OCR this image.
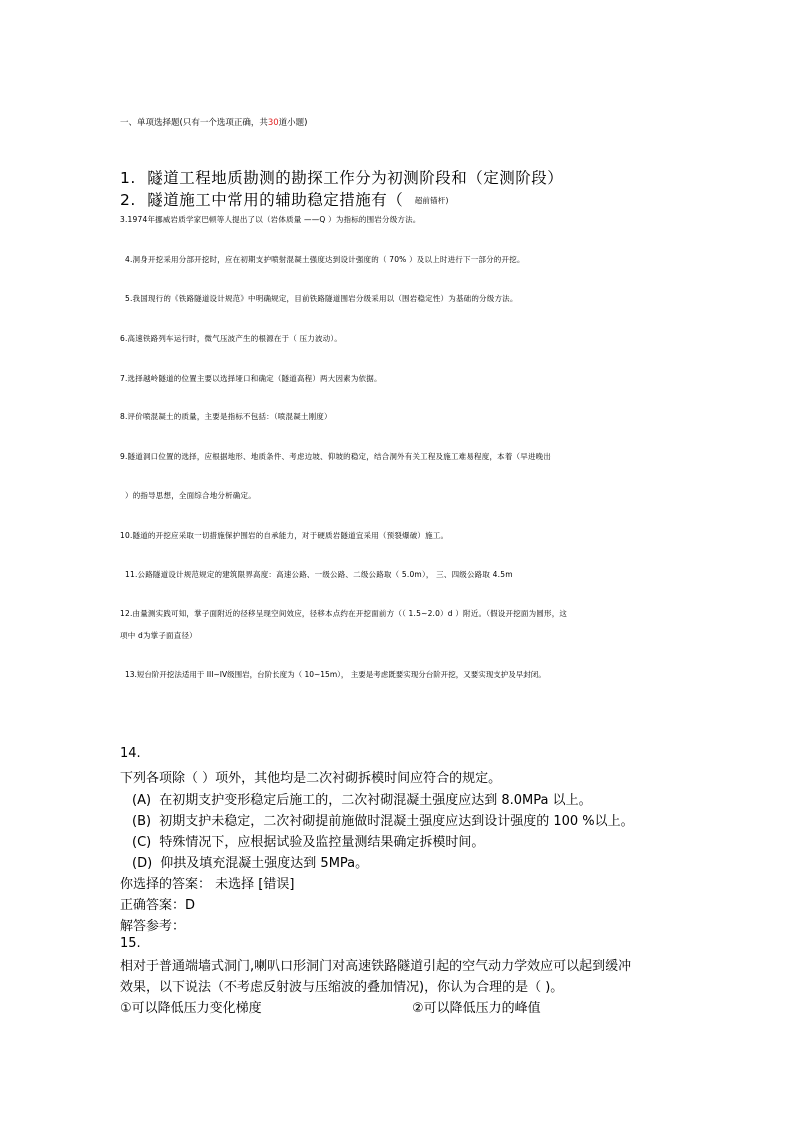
一、单项选择题(只有一个选项正确，共30道小题)
1. 隧道工程地质勘测的勘探工作分为初测阶段和（定测阶段）
2. 隧道施工中常用的辅助稳定措施有（ 超前锚杆)
3.1974年挪威岩质学家巴顿等人提出了以（岩体质量 ——Q ）为指标的围岩分级方法。
4.洞身开挖采用分部开挖时，应在初期支护喷射混凝土强度达到设计强度的（ 70% ）及以上时进行下一部分的开挖。
5.我国现行的《铁路隧道设计规范》中明确规定，目前铁路隧道围岩分级采用以（围岩稳定性）为基础的分级方法。
6.高速铁路列车运行时，微气压波产生的根源在于（ 压力波动）。
7.选择越岭隧道的位置主要以选择垭口和确定（隧道高程）两大因素为依据。
8.评价喷混凝土的质量，主要是指标不包括：（喷混凝土刚度）
9.隧道洞口位置的选择，应根据地形、地质条件、考虑边坡、仰坡的稳定，结合洞外有关工程及施工难易程度，本着（早进晚出
）的指导思想，全面综合地分析确定。
10.隧道的开挖应采取一切措施保护围岩的自承能力，对于硬质岩隧道宜采用（预裂爆破）施工。
11.公路隧道设计规范规定的建筑限界高度：高速公路、一级公路、二级公路取（ 5.0m）， 三、四级公路取 4.5m
12.由量测实践可知，掌子面附近的径移呈现空间效应，径移本点约在开挖面前方（（ 1.5~2.0）d ）附近。（假设开挖面为圆形，这
项中 d为掌子面直径）
13.短台阶开挖法适用于 III~IV级围岩，台阶长度为（ 10~15m）， 主要是考虑既要实现分台阶开挖，又要实现支护及早封闭。
14.
下列各项除（ ）项外，其他均是二次衬砌拆模时间应符合的规定。
(A) 在初期支护变形稳定后施工的，二次衬砌混凝土强度应达到 8.0MPa 以上。
(B) 初期支护未稳定，二次衬砌提前施做时混凝土强度应达到设计强度的 100 %以上。
(C) 特殊情况下，应根据试验及监控量测结果确定拆模时间。
(D) 仰拱及填充混凝土强度达到 5MPa。
你选择的答案： 未选择 [错误]
正确答案：D
解答参考：
15.
相对于普通端墙式洞门,喇叭口形洞门对高速铁路隧道引起的空气动力学效应可以起到缓冲
效果，以下说法（不考虑反射波与压缩波的叠加情况)，你认为合理的是（ )。
①可以降低压力变化梯度	②可以降低压力的峰值
